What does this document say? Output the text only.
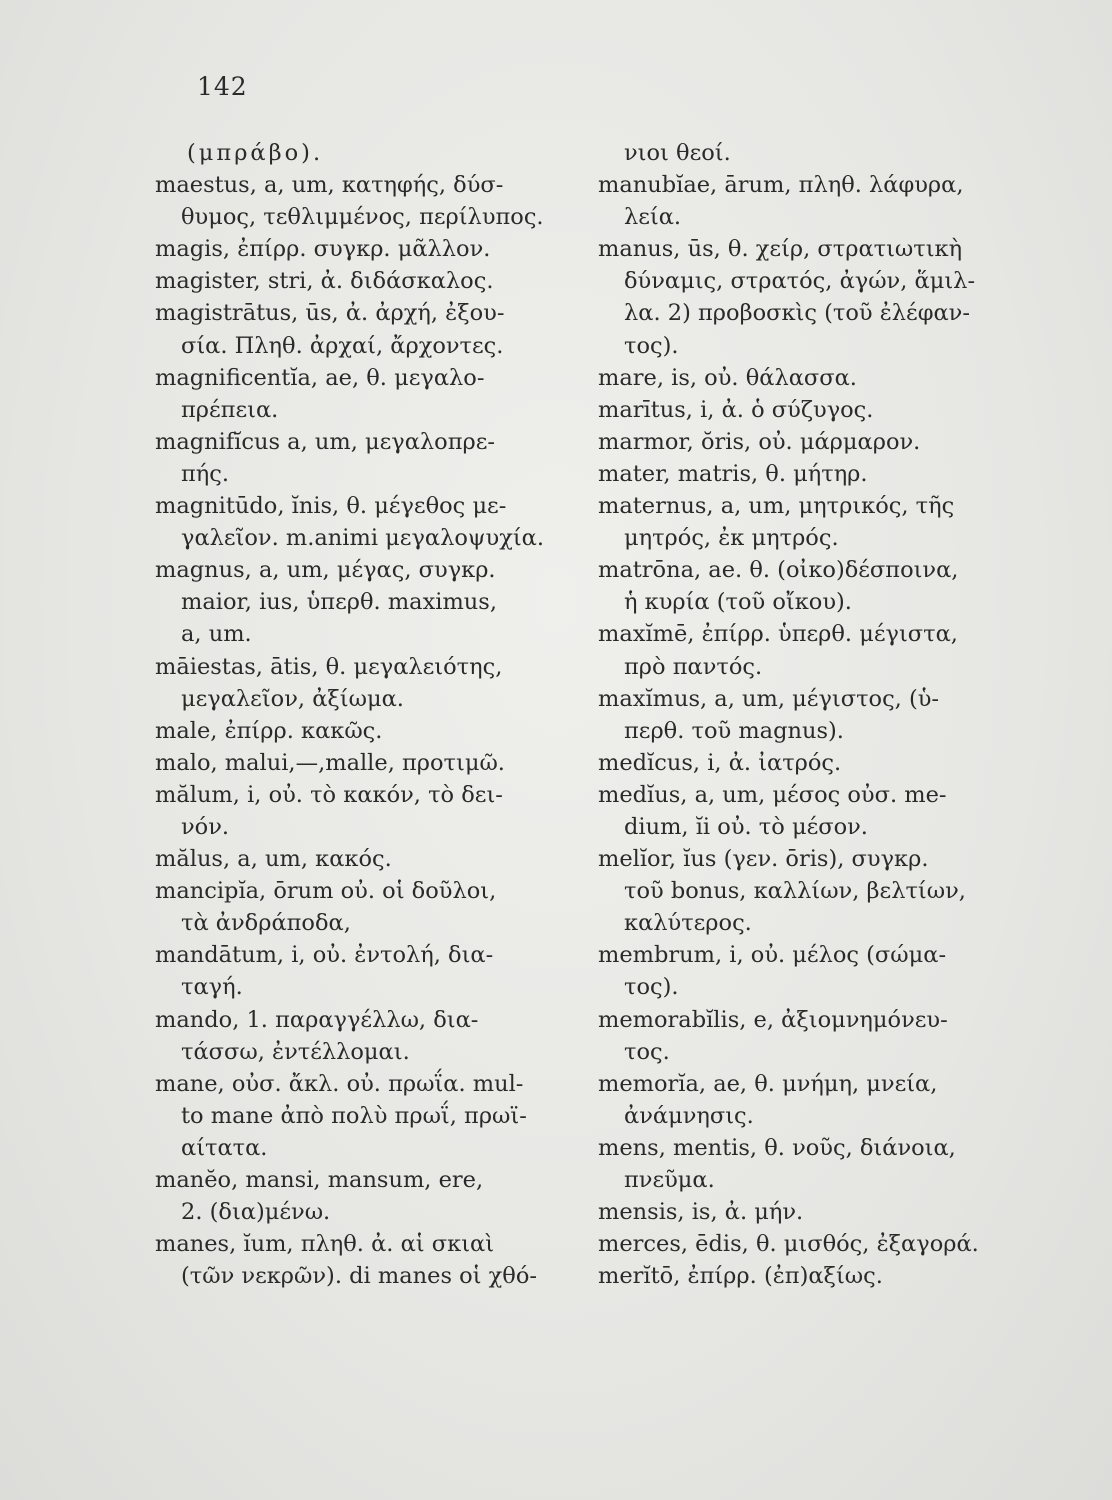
142
(μπράβο).
maestus, a, um, κατηφής, δύσ-
θυμος, τεθλιμμένος, περίλυπος.
magis, ἐπίρρ. συγκρ. μᾶλλον.
magister, stri, ἀ. διδάσκαλος.
magistrātus, ūs, ἀ. ἀρχή, ἐξου-
σία. Πληθ. ἀρχαί, ἄρχοντες.
magnificentĭa, ae, θ. μεγαλο-
πρέπεια.
magnifĭcus a, um, μεγαλοπρε-
πής.
magnitūdo, ĭnis, θ. μέγεθος με-
γαλεῖον. m.animi μεγαλοψυχία.
magnus, a, um, μέγας, συγκρ.
maior, ius, ὑπερθ. maximus,
a, um.
māiestas, ātis, θ. μεγαλειότης,
μεγαλεῖον, ἀξίωμα.
male, ἐπίρρ. κακῶς.
malo, malui,—,malle, προτιμῶ.
mălum, i, οὐ. τὸ κακόν, τὸ δει-
νόν.
mălus, a, um, κακός.
mancipĭa, ōrum οὐ. οἱ δοῦλοι,
τὰ ἀνδράποδα,
mandātum, i, οὐ. ἐντολή, δια-
ταγή.
mando, 1. παραγγέλλω, δια-
τάσσω, ἐντέλλομαι.
mane, οὐσ. ἄκλ. οὐ. πρωΐα. mul-
to mane ἀπὸ πολὺ πρωΐ, πρωϊ-
αίτατα.
manĕo, mansi, mansum, ere,
2. (δια)μένω.
manes, ĭum, πληθ. ἀ. αἱ σκιαὶ
(τῶν νεκρῶν). di manes οἱ χθό-
νιοι θεοί.
manubĭae, ārum, πληθ. λάφυρα,
λεία.
manus, ūs, θ. χείρ, στρατιωτικὴ
δύναμις, στρατός, ἀγών, ἅμιλ-
λα. 2) προβοσκὶς (τοῦ ἐλέφαν-
τος).
mare, is, οὐ. θάλασσα.
marītus, i, ἀ. ὁ σύζυγος.
marmor, ŏris, οὐ. μάρμαρον.
mater, matris, θ. μήτηρ.
maternus, a, um, μητρικός, τῆς
μητρός, ἐκ μητρός.
matrōna, ae. θ. (οἰκο)δέσποινα,
ἡ κυρία (τοῦ οἴκου).
maxĭmē, ἐπίρρ. ὑπερθ. μέγιστα,
πρὸ παντός.
maxĭmus, a, um, μέγιστος, (ὑ-
περθ. τοῦ magnus).
medĭcus, i, ἀ. ἰατρός.
medĭus, a, um, μέσος οὐσ. me-
dium, ĭi οὐ. τὸ μέσον.
melĭor, ĭus (γεν. ōris), συγκρ.
τοῦ bonus, καλλίων, βελτίων,
καλύτερος.
membrum, i, οὐ. μέλος (σώμα-
τος).
memorabĭlis, e, ἀξιομνημόνευ-
τος.
memorĭa, ae, θ. μνήμη, μνεία,
ἀνάμνησις.
mens, mentis, θ. νοῦς, διάνοια,
πνεῦμα.
mensis, is, ἀ. μήν.
merces, ēdis, θ. μισθός, ἐξαγορά.
merĭtō, ἐπίρρ. (ἐπ)αξίως.
